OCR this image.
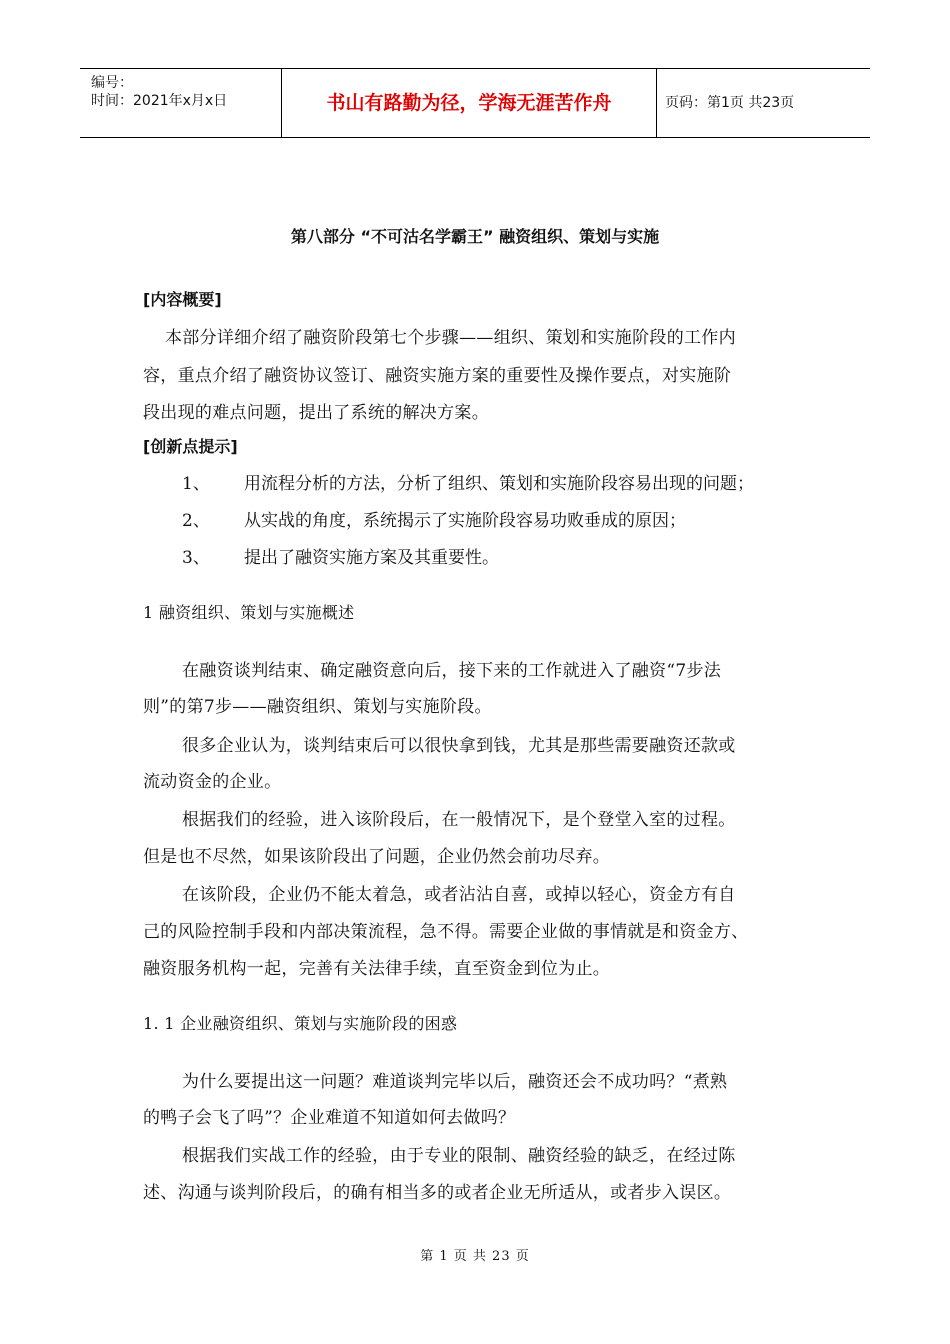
编号：
时间：2021年x月x日	书山有路勤为径，学海无涯苦作舟	页码：第1页 共23页
第八部分 “不可沽名学霸王” 融资组织、策划与实施
[内容概要]
本部分详细介绍了融资阶段第七个步骤——组织、策划和实施阶段的工作内
容，重点介绍了融资协议签订、融资实施方案的重要性及操作要点，对实施阶
段出现的难点问题，提出了系统的解决方案。
[创新点提示]
1、 用流程分析的方法，分析了组织、策划和实施阶段容易出现的问题；
2、 从实战的角度，系统揭示了实施阶段容易功败垂成的原因；
3、 提出了融资实施方案及其重要性。
1 融资组织、策划与实施概述
在融资谈判结束、确定融资意向后，接下来的工作就进入了融资“7步法
则”的第7步——融资组织、策划与实施阶段。
很多企业认为，谈判结束后可以很快拿到钱，尤其是那些需要融资还款或
流动资金的企业。
根据我们的经验，进入该阶段后，在一般情况下，是个登堂入室的过程。
但是也不尽然，如果该阶段出了问题，企业仍然会前功尽弃。
在该阶段，企业仍不能太着急，或者沾沾自喜，或掉以轻心，资金方有自
己的风险控制手段和内部决策流程，急不得。需要企业做的事情就是和资金方、
融资服务机构一起，完善有关法律手续，直至资金到位为止。
1. 1 企业融资组织、策划与实施阶段的困惑
为什么要提出这一问题？难道谈判完毕以后，融资还会不成功吗？“煮熟
的鸭子会飞了吗”？企业难道不知道如何去做吗？
根据我们实战工作的经验，由于专业的限制、融资经验的缺乏，在经过陈
述、沟通与谈判阶段后，的确有相当多的或者企业无所适从，或者步入误区。
第 1 页 共 23 页
